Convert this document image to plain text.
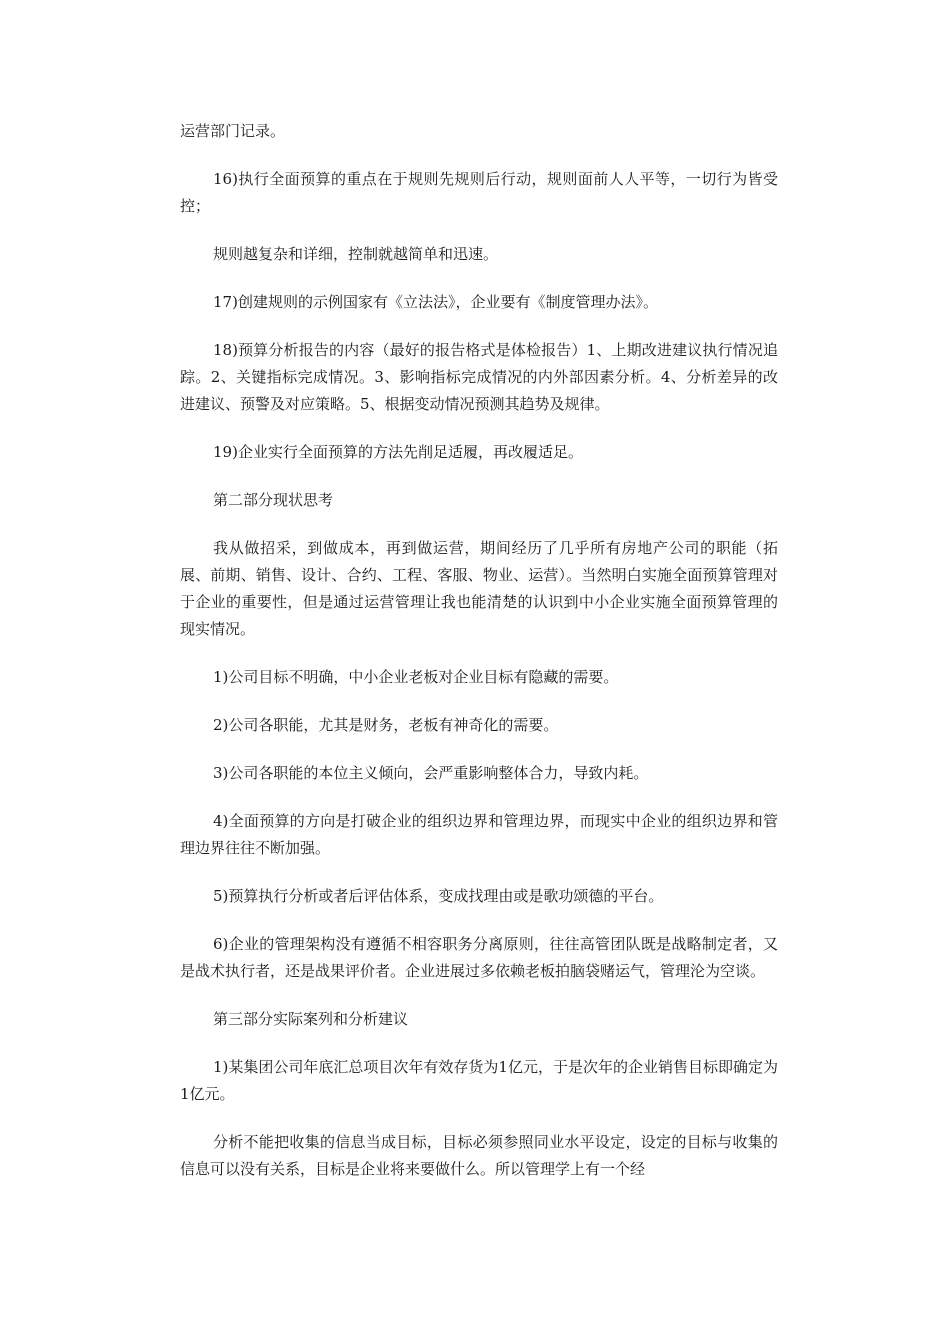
运营部门记录。

16)执行全面预算的重点在于规则先规则后行动，规则面前人人平等，一切行为皆受控；

规则越复杂和详细，控制就越简单和迅速。

17)创建规则的示例国家有《立法法》，企业要有《制度管理办法》。

18)预算分析报告的内容（最好的报告格式是体检报告）1、上期改进建议执行情况追踪。2、关键指标完成情况。3、影响指标完成情况的内外部因素分析。4、分析差异的改进建议、预警及对应策略。5、根据变动情况预测其趋势及规律。

19)企业实行全面预算的方法先削足适履，再改履适足。

第二部分现状思考

我从做招采，到做成本，再到做运营，期间经历了几乎所有房地产公司的职能（拓展、前期、销售、设计、合约、工程、客服、物业、运营）。当然明白实施全面预算管理对于企业的重要性，但是通过运营管理让我也能清楚的认识到中小企业实施全面预算管理的现实情况。

1)公司目标不明确，中小企业老板对企业目标有隐藏的需要。

2)公司各职能，尤其是财务，老板有神奇化的需要。

3)公司各职能的本位主义倾向，会严重影响整体合力，导致内耗。

4)全面预算的方向是打破企业的组织边界和管理边界，而现实中企业的组织边界和管理边界往往不断加强。

5)预算执行分析或者后评估体系，变成找理由或是歌功颂德的平台。

6)企业的管理架构没有遵循不相容职务分离原则，往往高管团队既是战略制定者，又是战术执行者，还是战果评价者。企业进展过多依赖老板拍脑袋赌运气，管理沦为空谈。

第三部分实际案列和分析建议

1)某集团公司年底汇总项目次年有效存货为1亿元，于是次年的企业销售目标即确定为1亿元。

分析不能把收集的信息当成目标，目标必须参照同业水平设定，设定的目标与收集的信息可以没有关系，目标是企业将来要做什么。所以管理学上有一个经
